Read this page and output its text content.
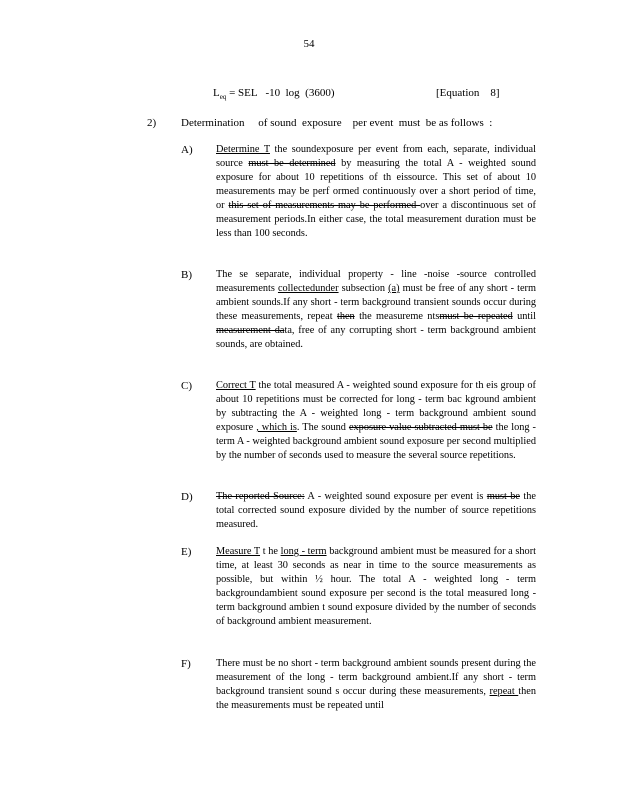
54
$L_{eq}$ = SEL   -10  log  (3600)	[Equation    8]
2) Determination     of sound  exposure    per event  must  be as follows  :
A) Determine T the soundexposure per event from each, separate, individual source must be determined by measuring the total A - weighted sound exposure for about 10 repetitions of th eissource. This set of about 10 measurements may be perf ormed continuously over a short period of time, or this set of measurements may be performed over a discontinuous set of measurement periods.In either case, the total measurement duration must be less than 100 seconds.

B) The se separate, individual property - line -noise -source controlled measurements collectedunder subsection (a) must be free of any short - term ambient sounds.If any short - term background transient sounds occur during these measurements, repeat then the measureme ntsmust be repeated until measurement data, free of any corrupting short - term background ambient sounds, are obtained.

C) Correct T the total measured A - weighted sound exposure for th eis group of about 10 repetitions must be corrected for long - term bac kground ambient by subtracting the A - weighted long - term background ambient sound exposure , which is. The sound exposure value subtracted must be the long - term A - weighted background ambient sound exposure per second multiplied by the number of seconds used to measure the several source repetitions.

D) The reported Source: A - weighted sound exposure per event is must be the total corrected sound exposure divided by the number of source repetitions measured.

E) Measure T t he long - term background ambient must be measured for a short time, at least 30 seconds as near in time to the source measurements as possible, but within ½ hour. The total A - weighted long - term backgroundambient sound exposure per second is the total measured long - term background ambien t sound exposure divided by the number of seconds of background ambient measurement.

F) There must be no short - term background ambient sounds present during the measurement of the long - term background ambient.If any short - term background transient sound s occur during these measurements, repeat then the measurements must be repeated until
